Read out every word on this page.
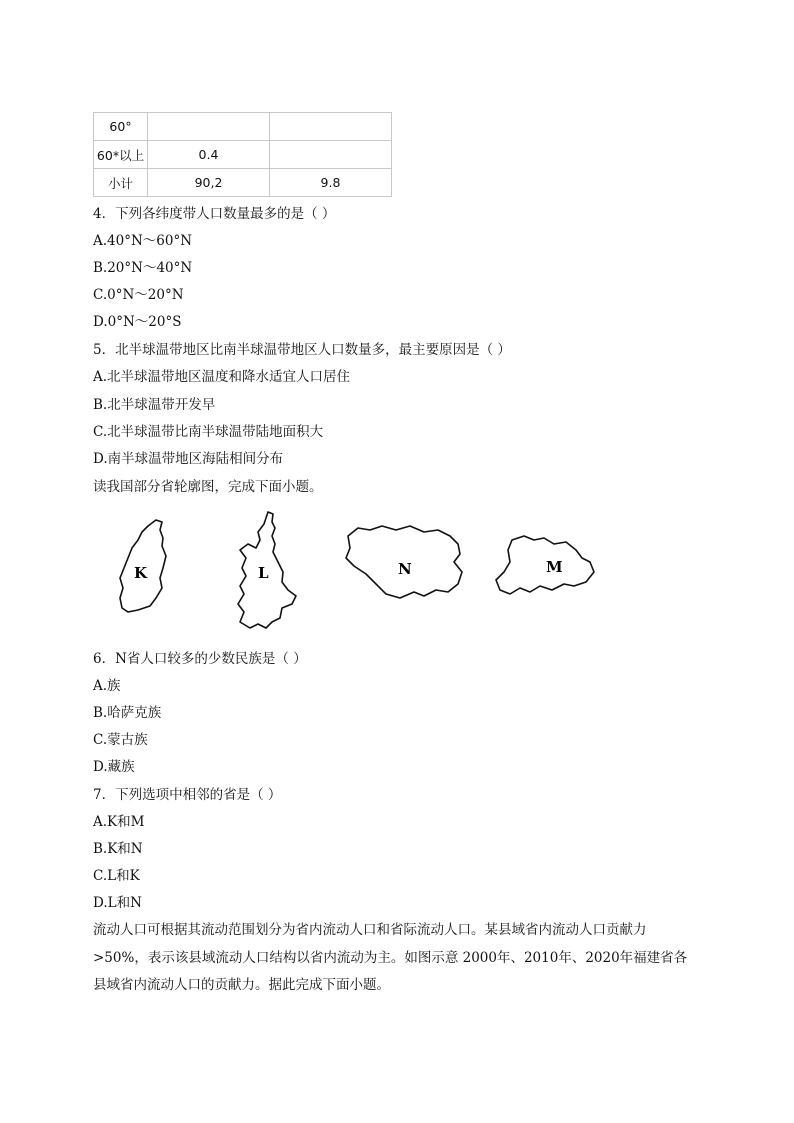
60°		
60*以上	0.4	
小计	90,2	9.8
4．下列各纬度带人口数量最多的是（ ）
A.40°N～60°N
B.20°N～40°N
C.0°N～20°N
D.0°N～20°S
5．北半球温带地区比南半球温带地区人口数量多，最主要原因是（ ）
A.北半球温带地区温度和降水适宜人口居住
B.北半球温带开发早
C.北半球温带比南半球温带陆地面积大
D.南半球温带地区海陆相间分布
读我国部分省轮廓图，完成下面小题。
K	L	N	M
6．N省人口较多的少数民族是（ ）
A.族
B.哈萨克族
C.蒙古族
D.藏族
7．下列选项中相邻的省是（ ）
A.K和M
B.K和N
C.L和K
D.L和N
流动人口可根据其流动范围划分为省内流动人口和省际流动人口。某县域省内流动人口贡献力
>50%，表示该县域流动人口结构以省内流动为主。如图示意 2000年、2010年、2020年福建省各
县域省内流动人口的贡献力。据此完成下面小题。
